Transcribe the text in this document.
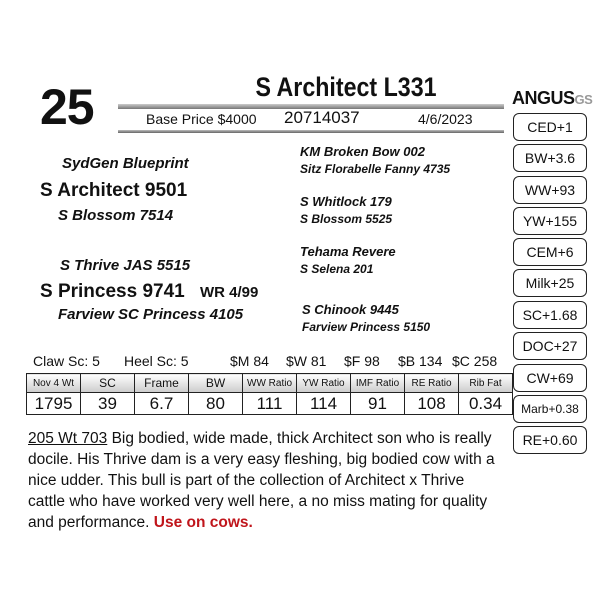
25	S Architect L331
Base Price $4000 20714037	4/6/2023
ANGUSGS
CED+1
BW+3.6
WW+93
YW+155
CEM+6
Milk+25
SC+1.68
DOC+27
CW+69
Marb+0.38
RE+0.60
SydGen Blueprint
S Architect 9501
S Blossom 7514
KM Broken Bow 002
Sitz Florabelle Fanny 4735
S Whitlock 179
S Blossom 5525
S Thrive JAS 5515
S Princess 9741 WR 4/99
Farview SC Princess 4105
Tehama Revere
S Selena 201
S Chinook 9445
Farview Princess 5150
Claw Sc: 5 Heel Sc: 5	$M 84 $W 81 $F 98 $B 134 $C 258
Nov 4 Wt	SC	Frame	BW	WW Ratio	YW Ratio	IMF Ratio	RE Ratio	Rib Fat
1795	39	6.7	80	111	114	91	108	0.34
205 Wt 703 Big bodied, wide made, thick Architect son who is really docile. His Thrive dam is a very easy fleshing, big bodied cow with a nice udder. This bull is part of the collection of Architect x Thrive cattle who have worked very well here, a no miss mating for quality and performance. Use on cows.
